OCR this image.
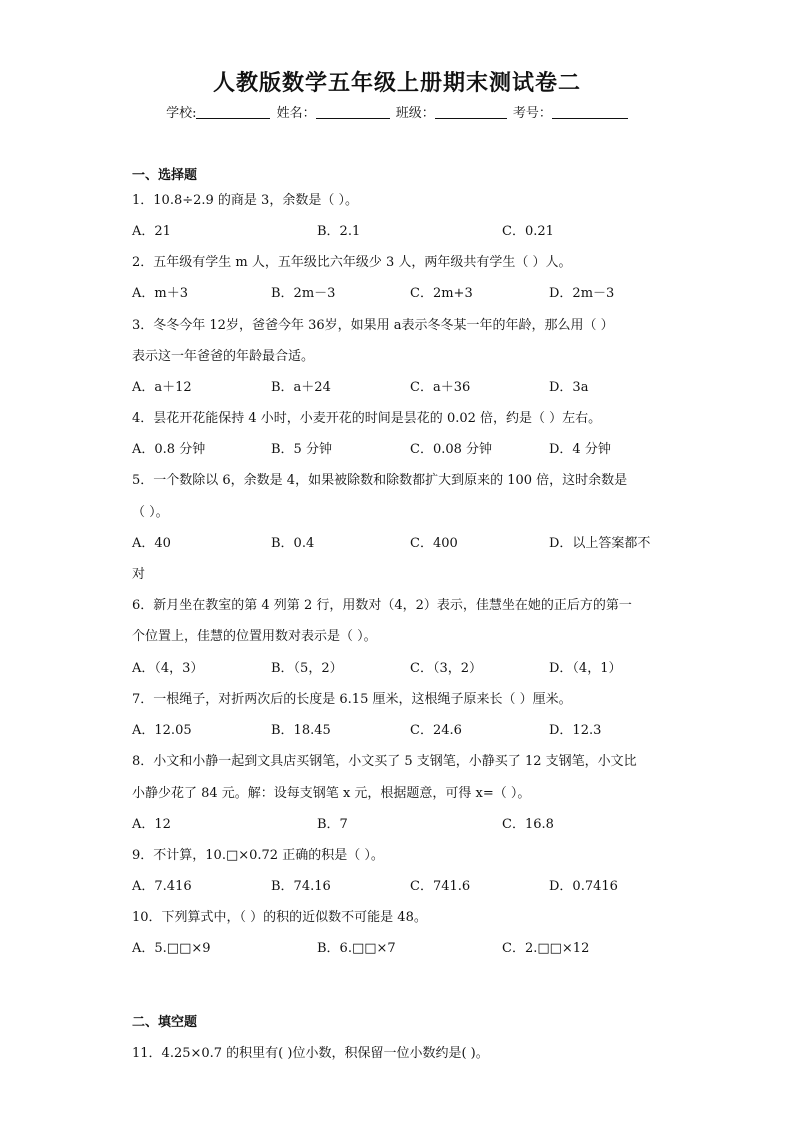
人教版数学五年级上册期末测试卷二
学校:	姓名：	班级：	考号：
一、选择题
1．10.8÷2.9 的商是 3，余数是（ ）。
A．21	B．2.1	C．0.21
2．五年级有学生 m 人，五年级比六年级少 3 人，两年级共有学生（ ）人。
A．m＋3	B．2m－3	C．2m+3	D．2m－3
3．冬冬今年 12岁，爸爸今年 36岁，如果用 a表示冬冬某一年的年龄，那么用（ ）
表示这一年爸爸的年龄最合适。
A．a＋12	B．a＋24	C．a＋36	D．3a
4．昙花开花能保持 4 小时，小麦开花的时间是昙花的 0.02 倍，约是（ ）左右。
A．0.8 分钟	B．5 分钟	C．0.08 分钟	D．4 分钟
5．一个数除以 6，余数是 4，如果被除数和除数都扩大到原来的 100 倍，这时余数是
（ ）。
A．40	B．0.4	C．400	D．以上答案都不
对
6．新月坐在教室的第 4 列第 2 行，用数对（4，2）表示，佳慧坐在她的正后方的第一
个位置上，佳慧的位置用数对表示是（ ）。
A．（4，3）	B．（5，2）	C．（3，2）	D．（4，1）
7．一根绳子，对折两次后的长度是 6.15 厘米，这根绳子原来长（ ）厘米。
A．12.05	B．18.45	C．24.6	D．12.3
8．小文和小静一起到文具店买钢笔，小文买了 5 支钢笔，小静买了 12 支钢笔，小文比
小静少花了 84 元。解：设每支钢笔 x 元，根据题意，可得 x=（ ）。
A．12	B．7	C．16.8
9．不计算，10.□×0.72 正确的积是（ ）。
A．7.416	B．74.16	C．741.6	D．0.7416
10．下列算式中，（ ）的积的近似数不可能是 48。
A．5.□□×9	B．6.□□×7	C．2.□□×12
二、填空题
11．4.25×0.7 的积里有( )位小数，积保留一位小数约是( )。
